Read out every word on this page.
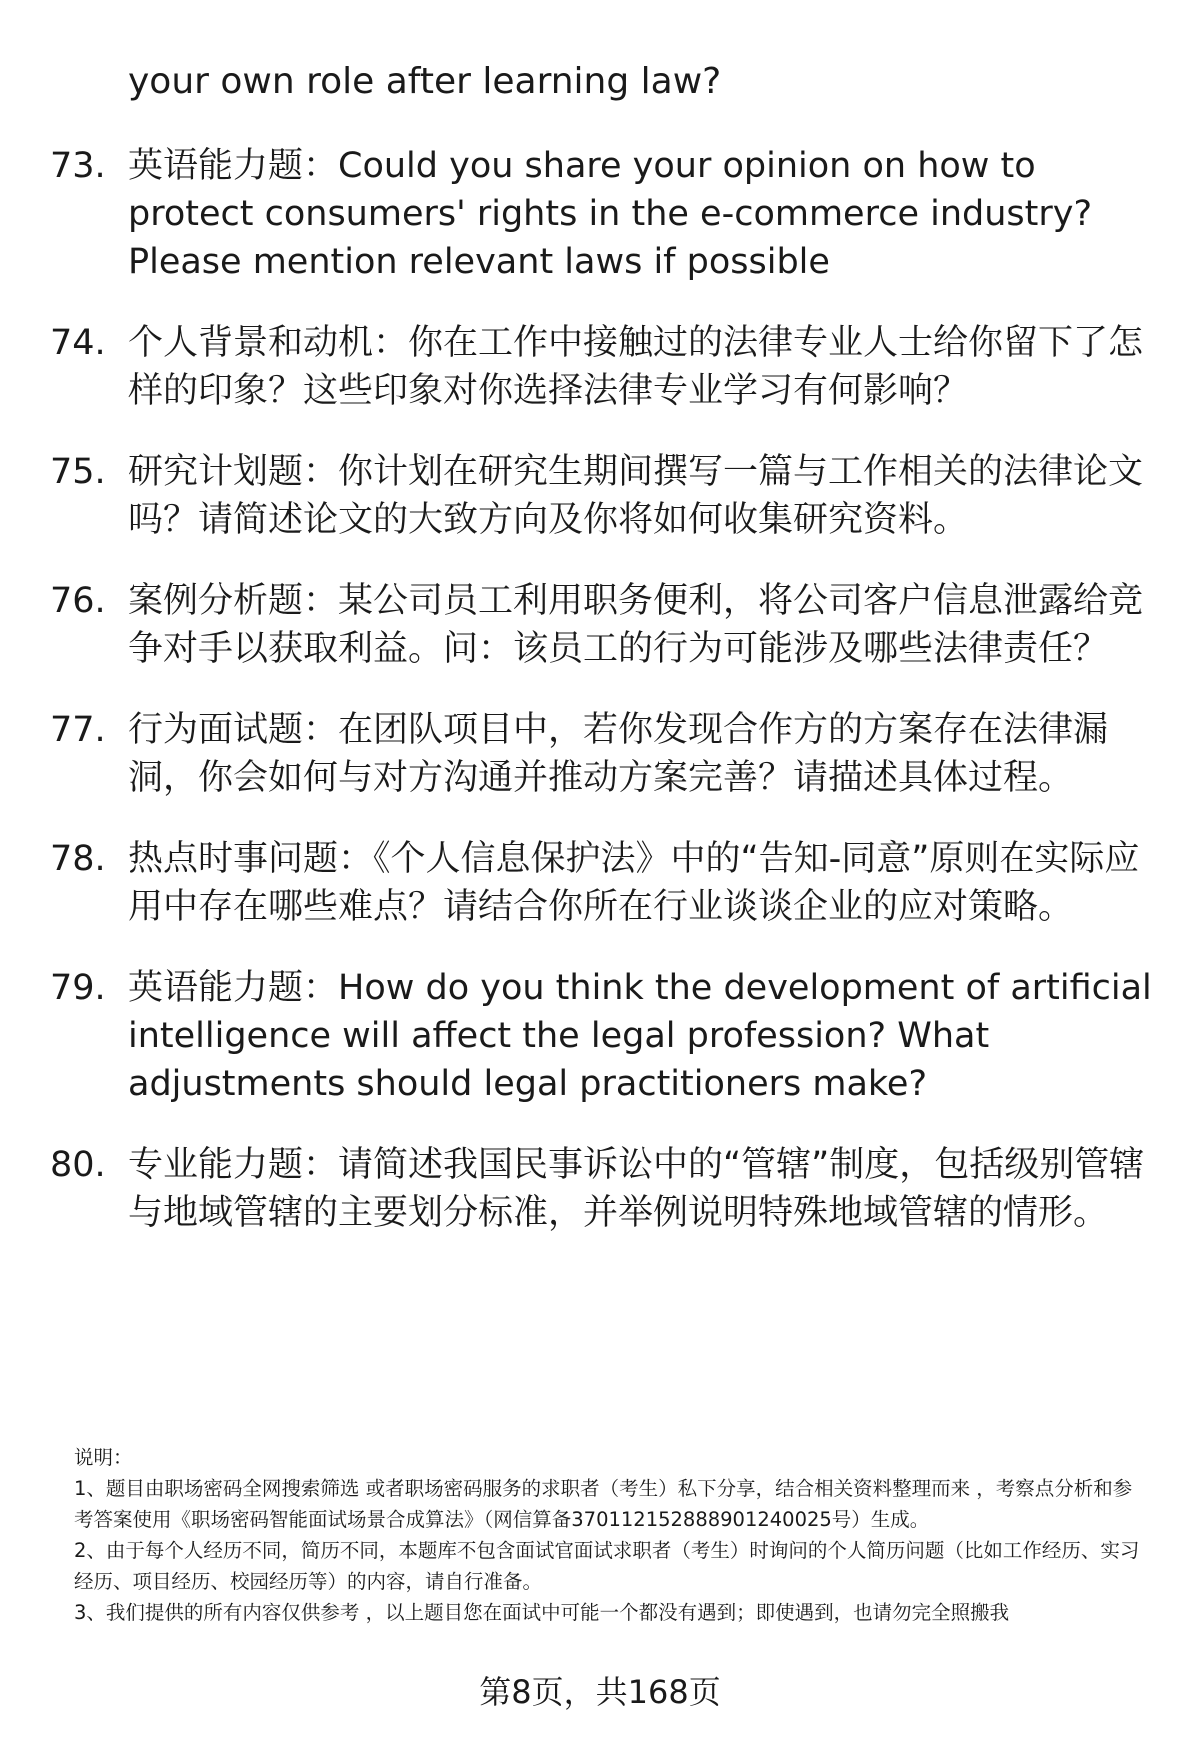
your own role after learning law?
73. 英语能力题：Could you share your opinion on how to protect consumers' rights in the e-commerce industry? Please mention relevant laws if possible
74. 个人背景和动机：你在工作中接触过的法律专业人士给你留下了怎样的印象？这些印象对你选择法律专业学习有何影响？
75. 研究计划题：你计划在研究生期间撰写一篇与工作相关的法律论文吗？请简述论文的大致方向及你将如何收集研究资料。
76. 案例分析题：某公司员工利用职务便利，将公司客户信息泄露给竞争对手以获取利益。问：该员工的行为可能涉及哪些法律责任？
77. 行为面试题：在团队项目中，若你发现合作方的方案存在法律漏洞，你会如何与对方沟通并推动方案完善？请描述具体过程。
78. 热点时事问题：《个人信息保护法》中的“告知-同意”原则在实际应用中存在哪些难点？请结合你所在行业谈谈企业的应对策略。
79. 英语能力题：How do you think the development of artificial intelligence will affect the legal profession? What adjustments should legal practitioners make?
80. 专业能力题：请简述我国民事诉讼中的“管辖”制度，包括级别管辖与地域管辖的主要划分标准，并举例说明特殊地域管辖的情形。

说明：

1、题目由职场密码全网搜索筛选 或者职场密码服务的求职者（考生）私下分享，结合相关资料整理而来 ，考察点分析和参考答案使用《职场密码智能面试场景合成算法》（网信算备370112152888901240025号）生成。

2、由于每个人经历不同，简历不同，本题库不包含面试官面试求职者（考生）时询问的个人简历问题（比如工作经历、实习经历、项目经历、校园经历等）的内容，请自行准备。

3、我们提供的所有内容仅供参考 ，以上题目您在面试中可能一个都没有遇到；即使遇到，也请勿完全照搬我

第8页，共168页
